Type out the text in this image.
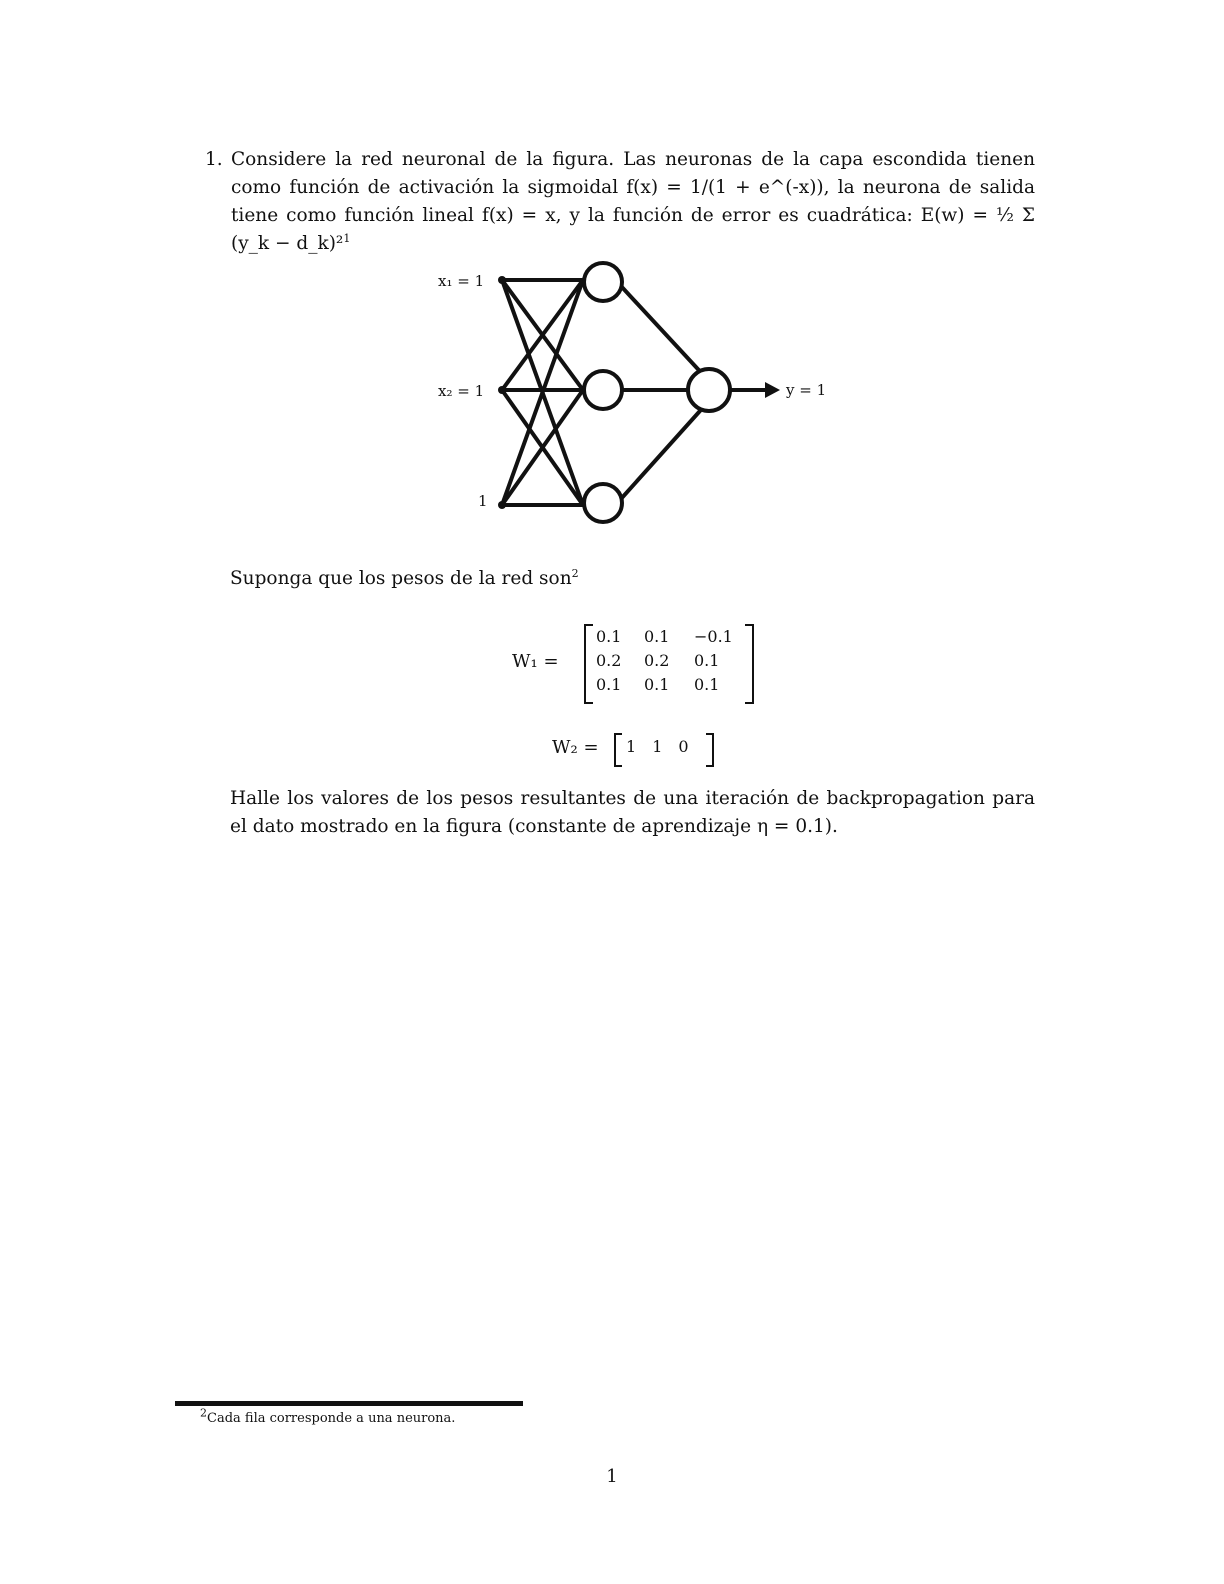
1. Considere la red neuronal de la figura. Las neuronas de la capa escondida tienen como función de activación la sigmoidal f(x) = 1/(1 + e^(-x)), la neurona de salida tiene como función lineal f(x) = x, y la función de error es cuadrática: E(w) = ½ Σ (y_k − d_k)²$^1$
x₁ = 1
x₂ = 1
1
y = 1
Suponga que los pesos de la red son$^2$
W₁ =
0.1	0.1	−0.1
0.2	0.2	0.1
0.1	0.1	0.1
W₂ = 1 1 0
Halle los valores de los pesos resultantes de una iteración de backpropagation para el dato mostrado en la figura (constante de aprendizaje η = 0.1).
$^2$Cada fila corresponde a una neurona.
1
